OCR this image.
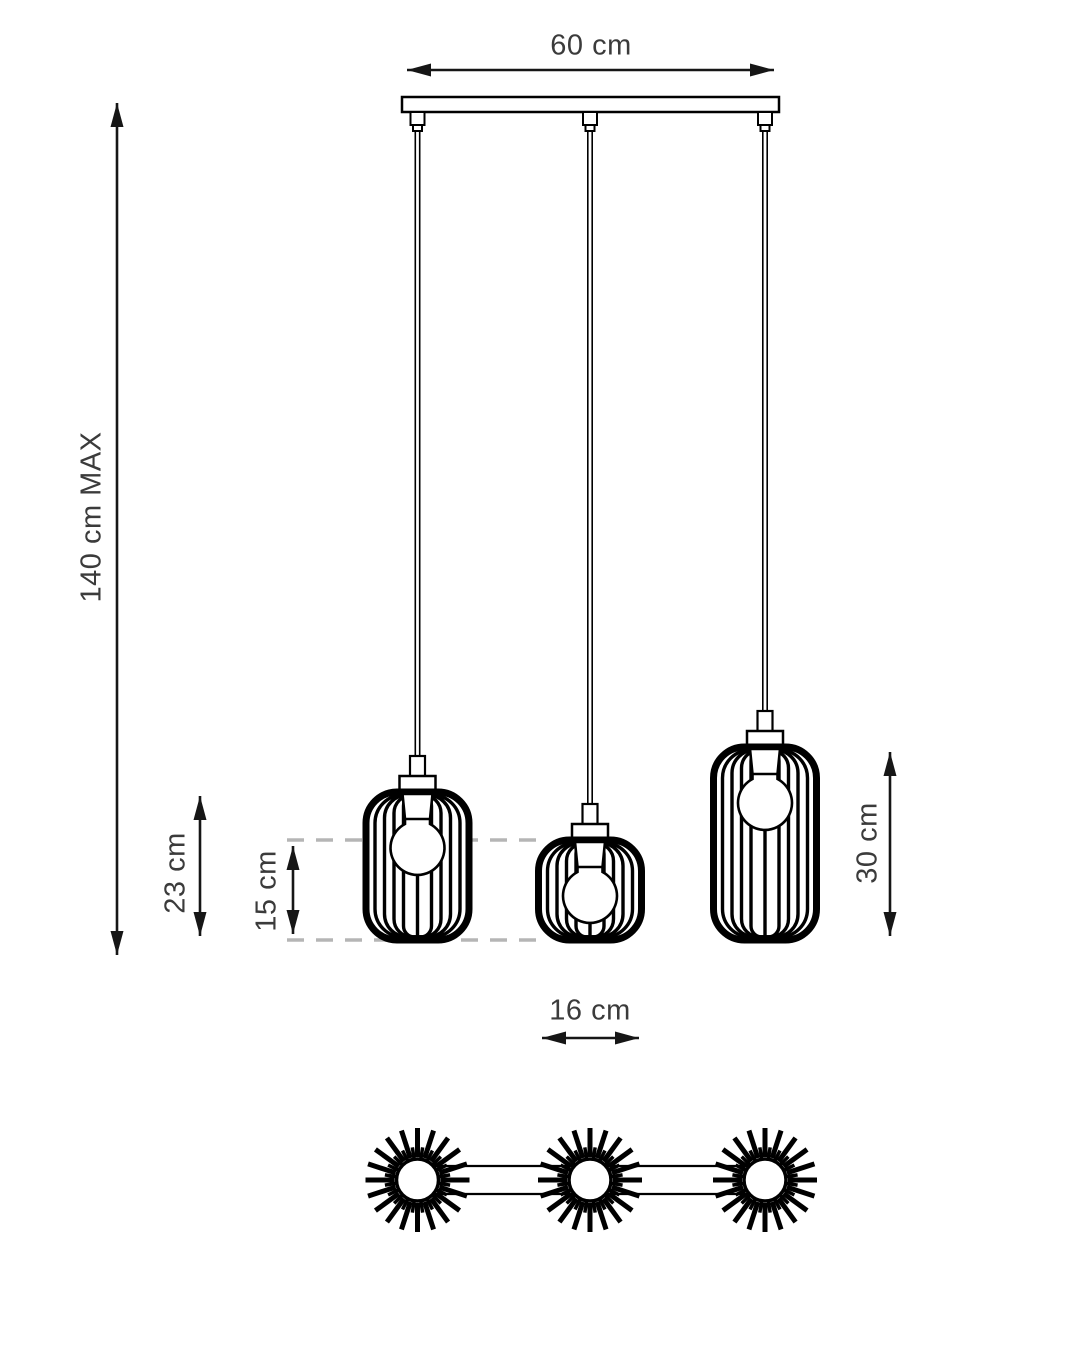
60 cm
140 cm MAX
23 cm 15 cm
30 cm
16 cm
